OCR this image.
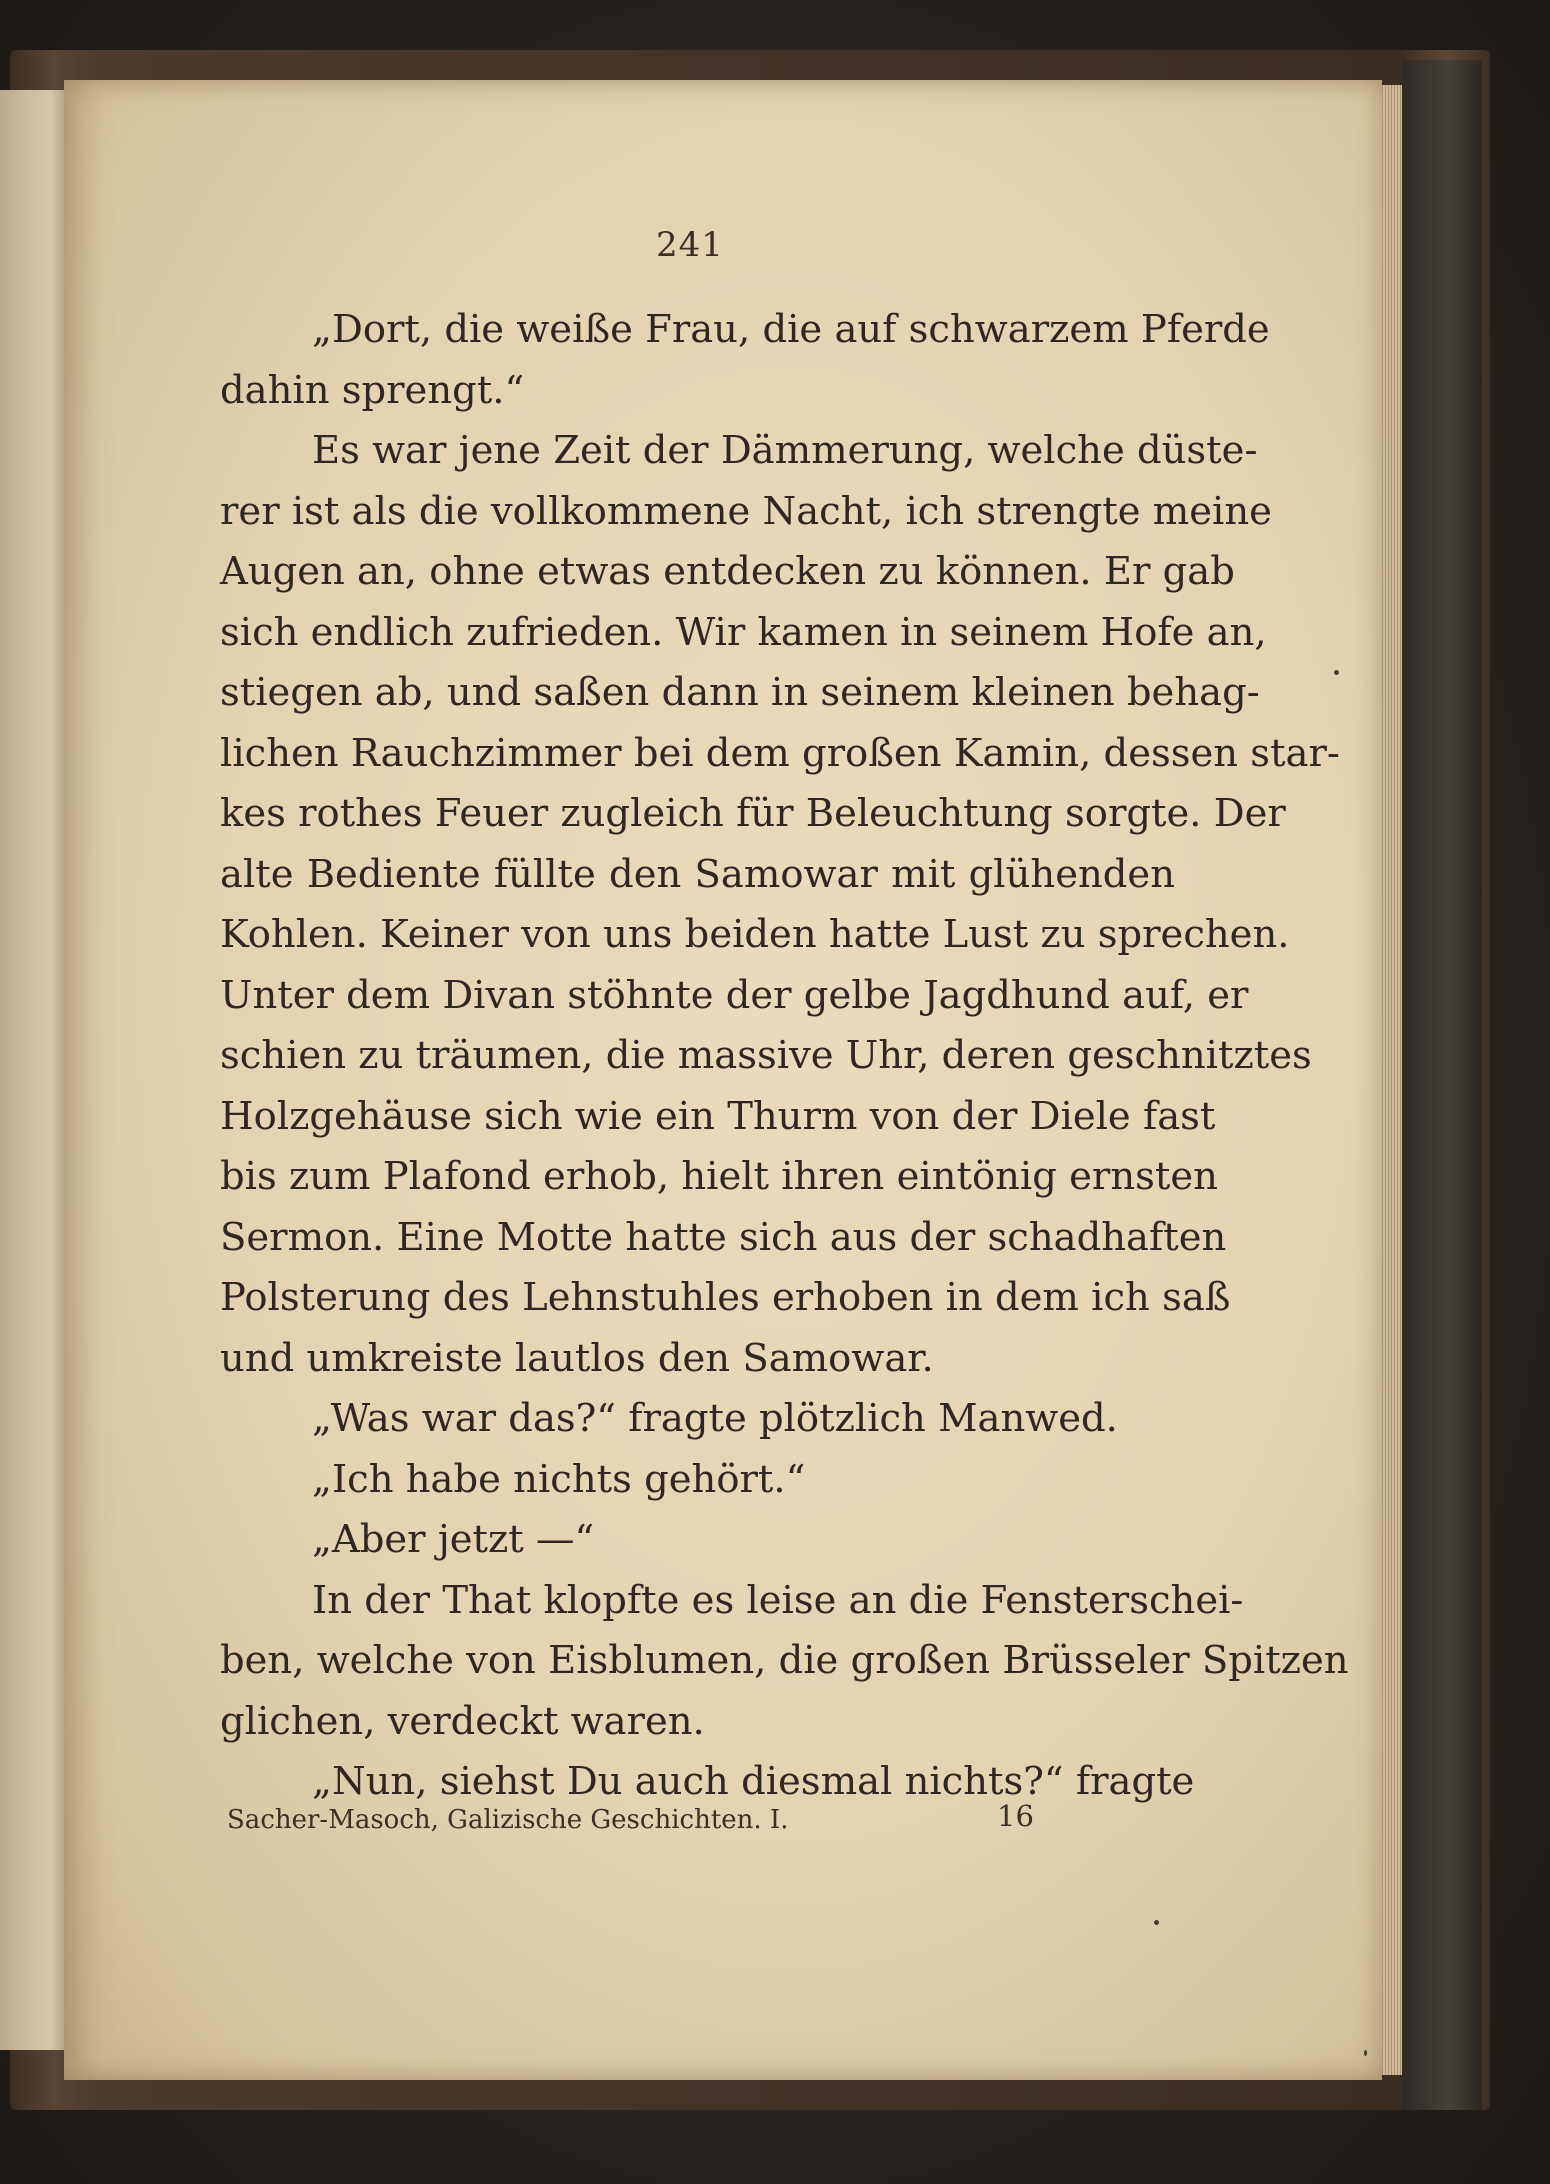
241
„Dort, die weiße Frau, die auf schwarzem Pferde
dahin sprengt.“
Es war jene Zeit der Dämmerung, welche düste-
rer ist als die vollkommene Nacht, ich strengte meine
Augen an, ohne etwas entdecken zu können. Er gab
sich endlich zufrieden. Wir kamen in seinem Hofe an,
stiegen ab, und saßen dann in seinem kleinen behag-
lichen Rauchzimmer bei dem großen Kamin, dessen star-
kes rothes Feuer zugleich für Beleuchtung sorgte. Der
alte Bediente füllte den Samowar mit glühenden
Kohlen. Keiner von uns beiden hatte Lust zu sprechen.
Unter dem Divan stöhnte der gelbe Jagdhund auf, er
schien zu träumen, die massive Uhr, deren geschnitztes
Holzgehäuse sich wie ein Thurm von der Diele fast
bis zum Plafond erhob, hielt ihren eintönig ernsten
Sermon. Eine Motte hatte sich aus der schadhaften
Polsterung des Lehnstuhles erhoben in dem ich saß
und umkreiste lautlos den Samowar.
„Was war das?“ fragte plötzlich Manwed.
„Ich habe nichts gehört.“
„Aber jetzt —“
In der That klopfte es leise an die Fensterschei-
ben, welche von Eisblumen, die großen Brüsseler Spitzen
glichen, verdeckt waren.
„Nun, siehst Du auch diesmal nichts?“ fragte
Sacher-Masoch, Galizische Geschichten. I.	16
